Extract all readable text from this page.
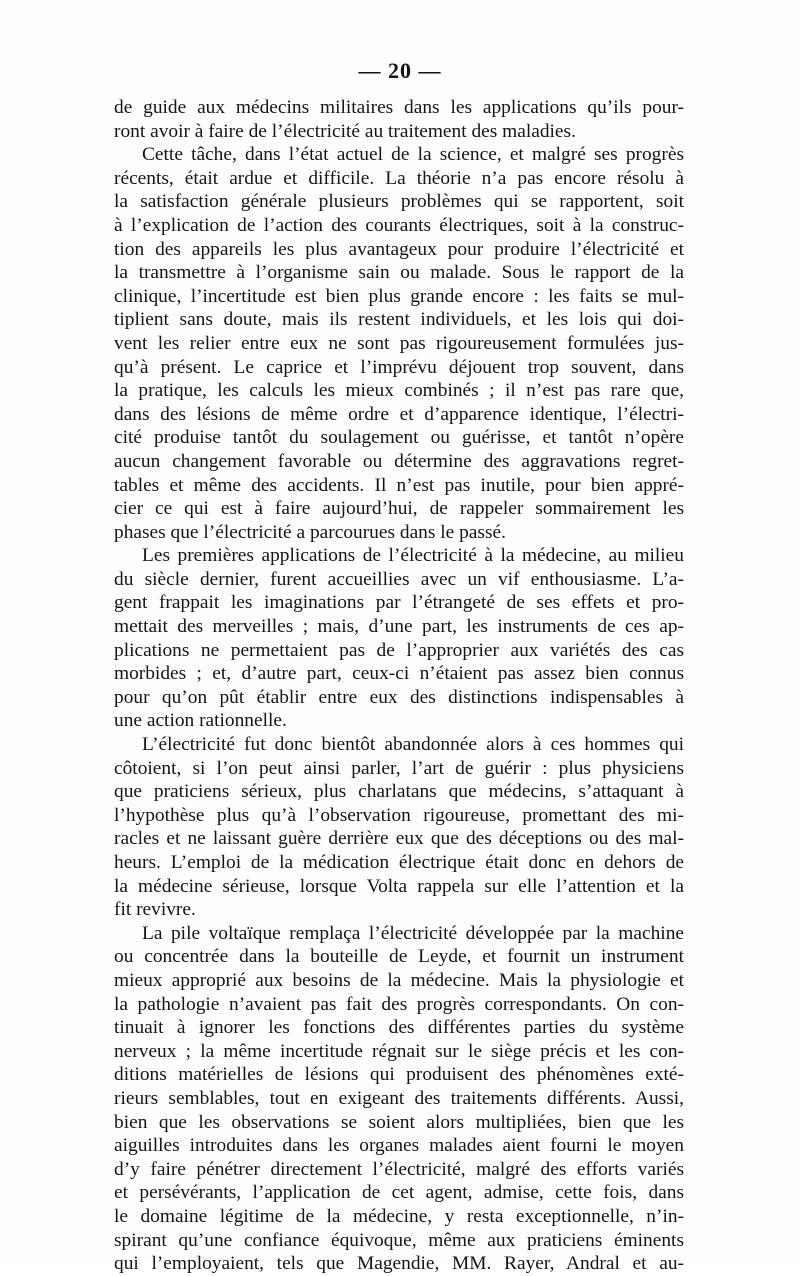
— 20 —
de guide aux médecins militaires dans les applications qu’ils pour-
ront avoir à faire de l’électricité au traitement des maladies.
Cette tâche, dans l’état actuel de la science, et malgré ses progrès
récents, était ardue et difficile. La théorie n’a pas encore résolu à
la satisfaction générale plusieurs problèmes qui se rapportent, soit
à l’explication de l’action des courants électriques, soit à la construc-
tion des appareils les plus avantageux pour produire l’électricité et
la transmettre à l’organisme sain ou malade. Sous le rapport de la
clinique, l’incertitude est bien plus grande encore : les faits se mul-
tiplient sans doute, mais ils restent individuels, et les lois qui doi-
vent les relier entre eux ne sont pas rigoureusement formulées jus-
qu’à présent. Le caprice et l’imprévu déjouent trop souvent, dans
la pratique, les calculs les mieux combinés ; il n’est pas rare que,
dans des lésions de même ordre et d’apparence identique, l’électri-
cité produise tantôt du soulagement ou guérisse, et tantôt n’opère
aucun changement favorable ou détermine des aggravations regret-
tables et même des accidents. Il n’est pas inutile, pour bien appré-
cier ce qui est à faire aujourd’hui, de rappeler sommairement les
phases que l’électricité a parcourues dans le passé.
Les premières applications de l’électricité à la médecine, au milieu
du siècle dernier, furent accueillies avec un vif enthousiasme. L’a-
gent frappait les imaginations par l’étrangeté de ses effets et pro-
mettait des merveilles ; mais, d’une part, les instruments de ces ap-
plications ne permettaient pas de l’approprier aux variétés des cas
morbides ; et, d’autre part, ceux-ci n’étaient pas assez bien connus
pour qu’on pût établir entre eux des distinctions indispensables à
une action rationnelle.
L’électricité fut donc bientôt abandonnée alors à ces hommes qui
côtoient, si l’on peut ainsi parler, l’art de guérir : plus physiciens
que praticiens sérieux, plus charlatans que médecins, s’attaquant à
l’hypothèse plus qu’à l’observation rigoureuse, promettant des mi-
racles et ne laissant guère derrière eux que des déceptions ou des mal-
heurs. L’emploi de la médication électrique était donc en dehors de
la médecine sérieuse, lorsque Volta rappela sur elle l’attention et la
fit revivre.
La pile voltaïque remplaça l’électricité développée par la machine
ou concentrée dans la bouteille de Leyde, et fournit un instrument
mieux approprié aux besoins de la médecine. Mais la physiologie et
la pathologie n’avaient pas fait des progrès correspondants. On con-
tinuait à ignorer les fonctions des différentes parties du système
nerveux ; la même incertitude régnait sur le siège précis et les con-
ditions matérielles de lésions qui produisent des phénomènes exté-
rieurs semblables, tout en exigeant des traitements différents. Aussi,
bien que les observations se soient alors multipliées, bien que les
aiguilles introduites dans les organes malades aient fourni le moyen
d’y faire pénétrer directement l’électricité, malgré des efforts variés
et persévérants, l’application de cet agent, admise, cette fois, dans
le domaine légitime de la médecine, y resta exceptionnelle, n’in-
spirant qu’une confiance équivoque, même aux praticiens éminents
qui l’employaient, tels que Magendie, MM. Rayer, Andral et au-
